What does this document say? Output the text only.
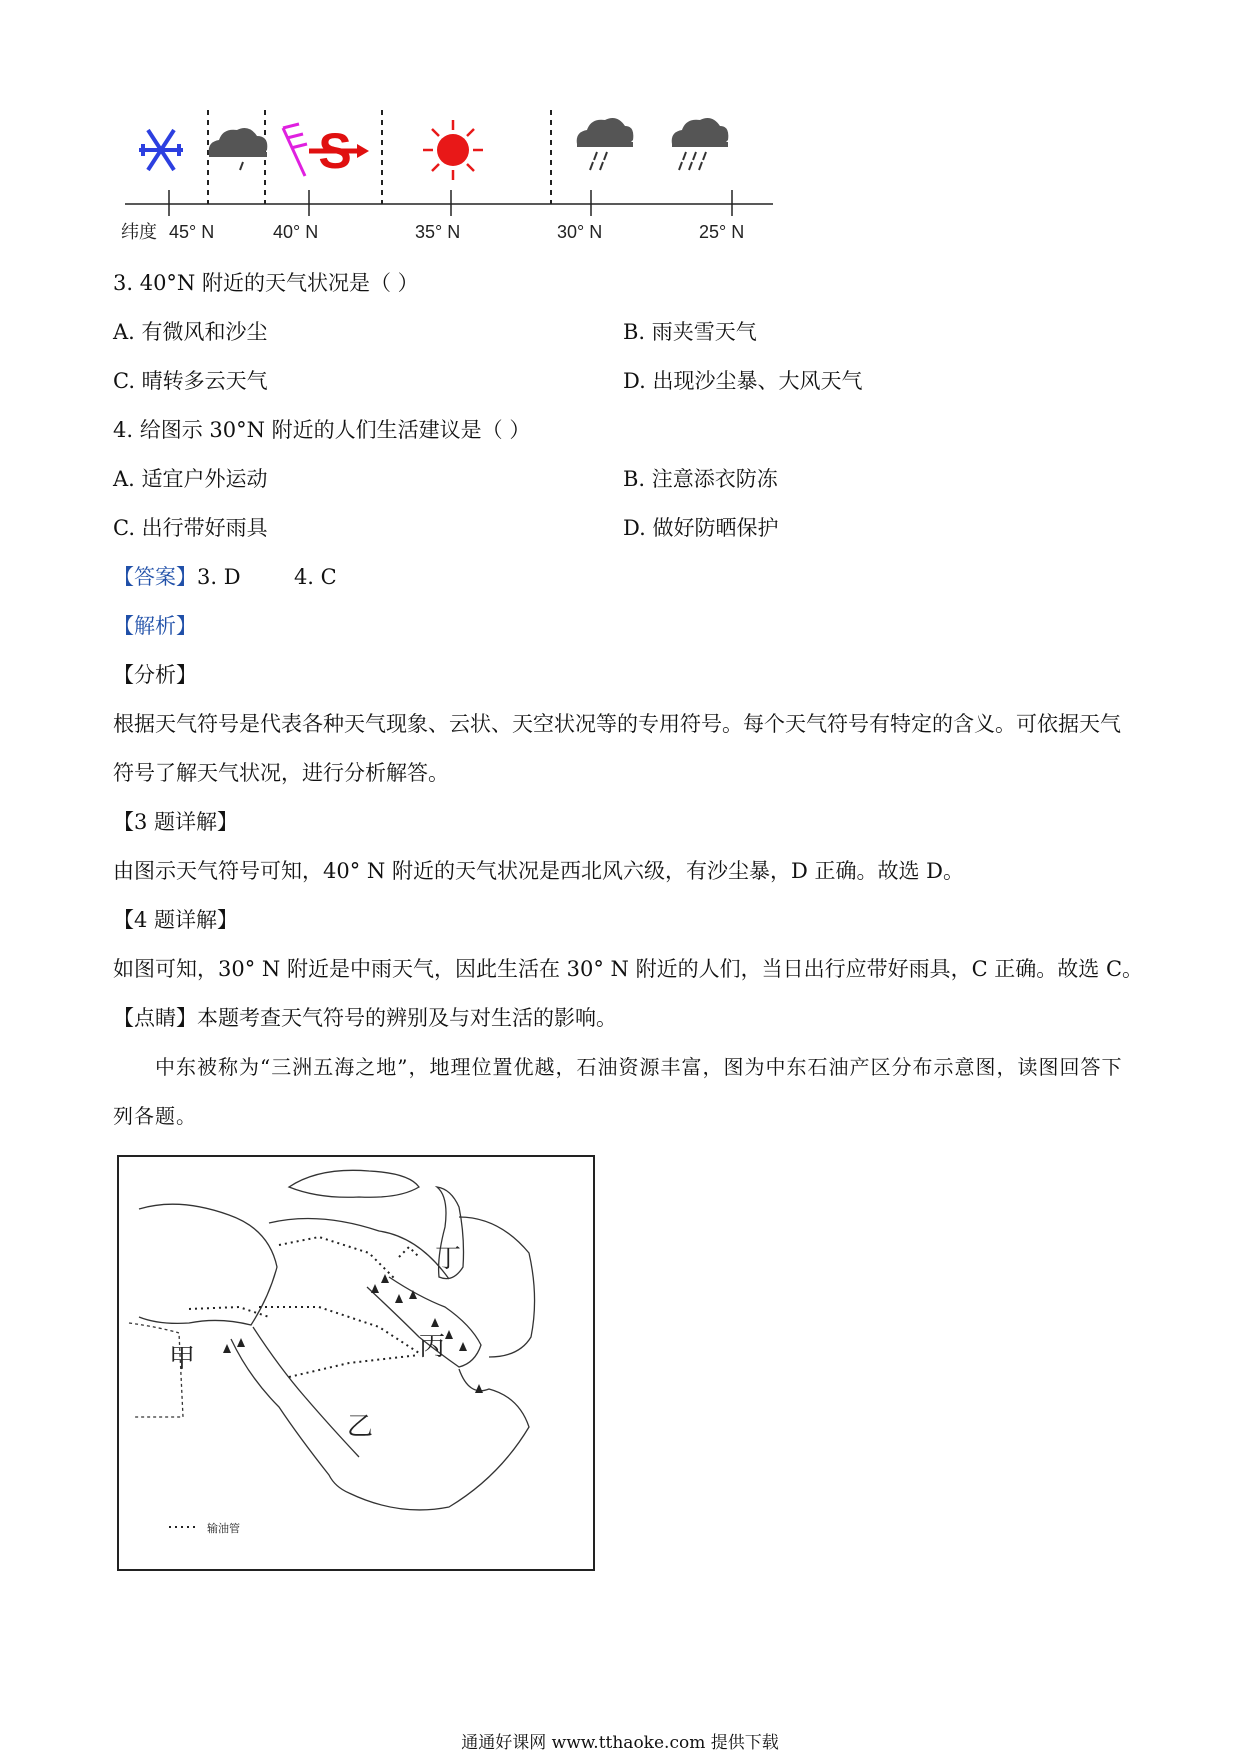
S
纬度 45° N	40° N	35° N	30° N	25° N
3. 40°N 附近的天气状况是（ ）
A. 有微风和沙尘	B. 雨夹雪天气
C. 晴转多云天气	D. 出现沙尘暴、大风天气
4. 给图示 30°N 附近的人们生活建议是（ ）
A. 适宜户外运动	B. 注意添衣防冻
C. 出行带好雨具	D. 做好防晒保护
【答案】3. D        4. C
【解析】
【分析】
根据天气符号是代表各种天气现象、云状、天空状况等的专用符号。每个天气符号有特定的含义。可依据天气符号了解天气状况，进行分析解答。
【3 题详解】
由图示天气符号可知，40° N 附近的天气状况是西北风六级，有沙尘暴，D 正确。故选 D。
【4 题详解】
如图可知，30° N 附近是中雨天气，因此生活在 30° N 附近的人们，当日出行应带好雨具，C 正确。故选 C。
【点睛】本题考查天气符号的辨别及与对生活的影响。
中东被称为“三洲五海之地”，地理位置优越，石油资源丰富，图为中东石油产区分布示意图，读图回答下列各题。
甲
乙
丙
丁
输油管
通通好课网 www.tthaoke.com 提供下载
